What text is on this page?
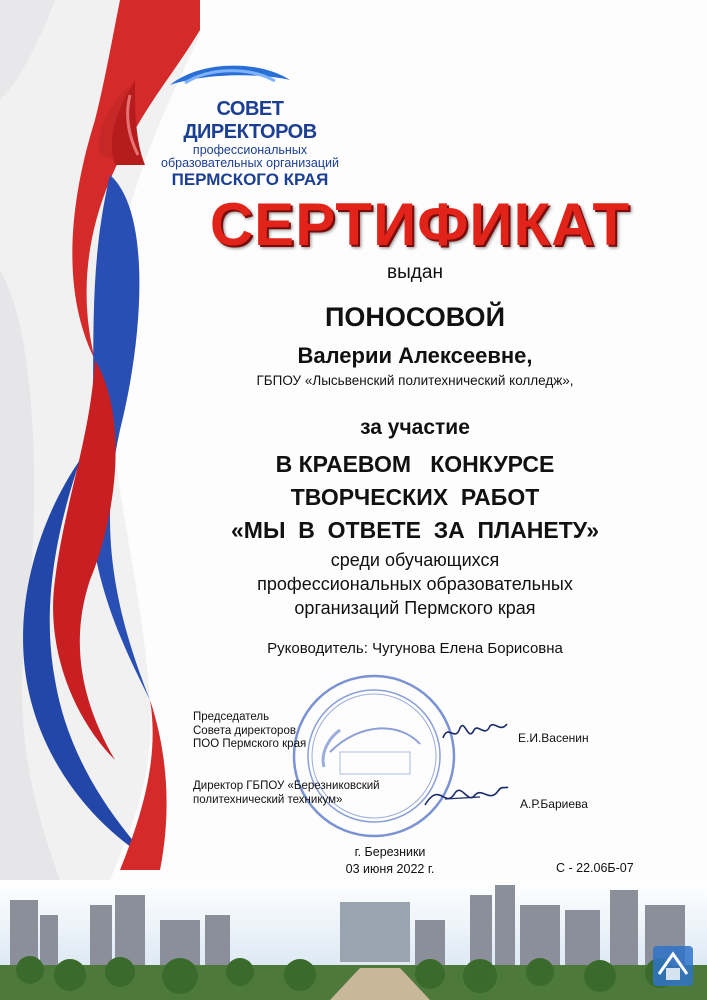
СОВЕТ ДИРЕКТОРОВ
профессиональных
образовательных организаций
ПЕРМСКОГО КРАЯ
СЕРТИФИКАТ
выдан
ПОНОСОВОЙ
Валерии Алексеевне,
ГБПОУ «Лысьвенский политехнический колледж»,
за участие
В КРАЕВОМ   КОНКУРСЕ
ТВОРЧЕСКИХ  РАБОТ
«МЫ  В  ОТВЕТЕ  ЗА  ПЛАНЕТУ»
среди обучающихся
профессиональных образовательных
организаций Пермского края
Руководитель: Чугунова Елена Борисовна
Председатель
Совета директоров
ПОО Пермского края	Е.И.Васенин
Директор ГБПОУ «Березниковский
политехнический техникум»	А.Р.Бариева
г. Березники
03 июня 2022 г.	С - 22.06Б-07
